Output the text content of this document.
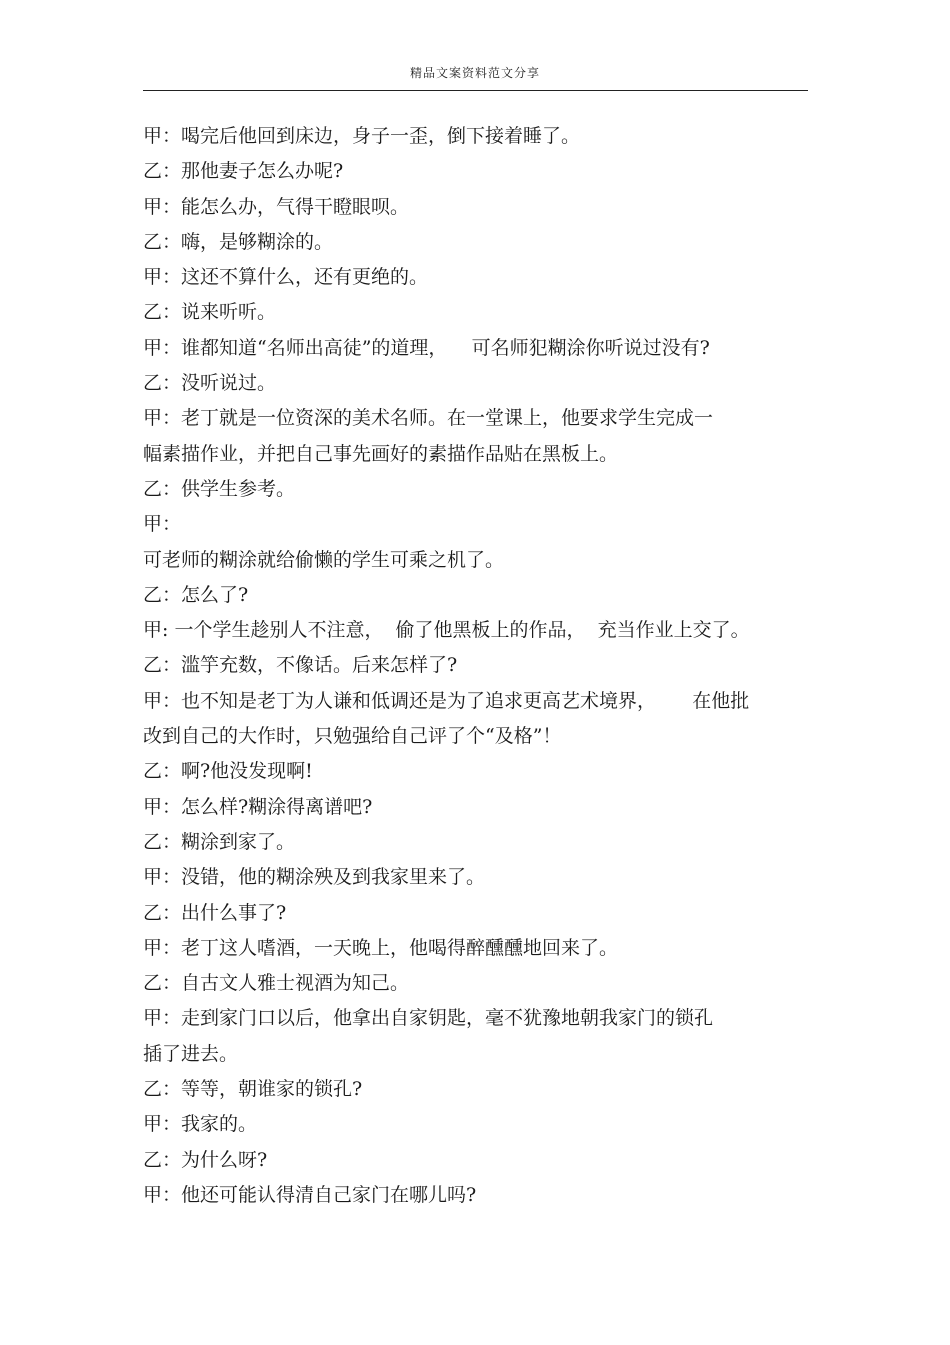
精品文案资料范文分享
甲：喝完后他回到床边，身子一歪，倒下接着睡了。
乙：那他妻子怎么办呢?
甲：能怎么办，气得干瞪眼呗。
乙：嗨，是够糊涂的。
甲：这还不算什么，还有更绝的。
乙：说来听听。
甲：谁都知道“名师出高徒”的道理，    可名师犯糊涂你听说过没有?
乙：没听说过。
甲：老丁就是一位资深的美术名师。在一堂课上，他要求学生完成一
幅素描作业，并把自己事先画好的素描作品贴在黑板上。
乙：供学生参考。
甲：
可老师的糊涂就给偷懒的学生可乘之机了。
乙：怎么了?
甲: 一个学生趁别人不注意，  偷了他黑板上的作品，  充当作业上交了。
乙：滥竽充数，不像话。后来怎样了?
甲：也不知是老丁为人谦和低调还是为了追求更高艺术境界，      在他批
改到自己的大作时，只勉强给自己评了个“及格”！
乙：啊?他没发现啊!
甲：怎么样?糊涂得离谱吧?
乙：糊涂到家了。
甲：没错，他的糊涂殃及到我家里来了。
乙：出什么事了?
甲：老丁这人嗜酒，一天晚上，他喝得醉醺醺地回来了。
乙：自古文人雅士视酒为知己。
甲：走到家门口以后，他拿出自家钥匙，毫不犹豫地朝我家门的锁孔
插了进去。
乙：等等，朝谁家的锁孔?
甲：我家的。
乙：为什么呀?
甲：他还可能认得清自己家门在哪儿吗?
